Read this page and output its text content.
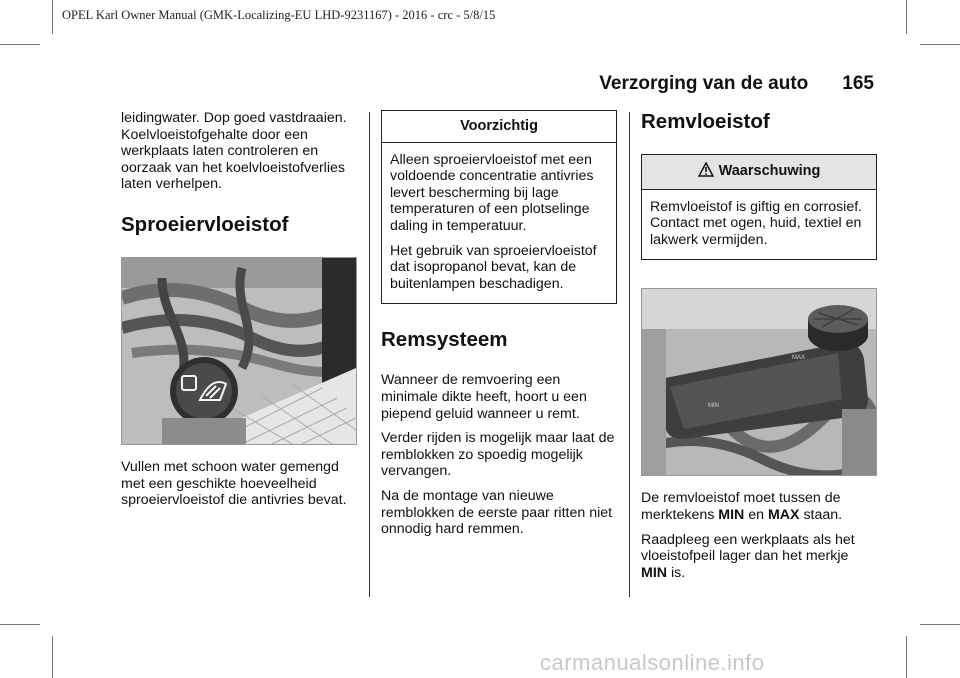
OPEL Karl Owner Manual (GMK-Localizing-EU LHD-9231167) - 2016 - crc - 5/8/15
Verzorging van de auto 165

leidingwater. Dop goed vastdraaien. Koelvloeistofgehalte door een werkplaats laten controleren en oorzaak van het koelvloeistofverlies laten verhelpen.

Sproeiervloeistof

Vullen met schoon water gemengd met een geschikte hoeveelheid sproeiervloeistof die antivries bevat.

Voorzichtig

Alleen sproeiervloeistof met een voldoende concentratie antivries levert bescherming bij lage temperaturen of een plotselinge daling in temperatuur.

Het gebruik van sproeiervloeistof dat isopropanol bevat, kan de buitenlampen beschadigen.

Remsysteem

Wanneer de remvoering een minimale dikte heeft, hoort u een piepend geluid wanneer u remt.

Verder rijden is mogelijk maar laat de remblokken zo spoedig mogelijk vervangen.

Na de montage van nieuwe remblokken de eerste paar ritten niet onnodig hard remmen.

Remvloeistof
Waarschuwing

Remvloeistof is giftig en corrosief. Contact met ogen, huid, textiel en lakwerk vermijden.

MAX
MIN

De remvloeistof moet tussen de merktekens MIN en MAX staan.

Raadpleeg een werkplaats als het vloeistofpeil lager dan het merkje MIN is.

carmanualsonline.info
